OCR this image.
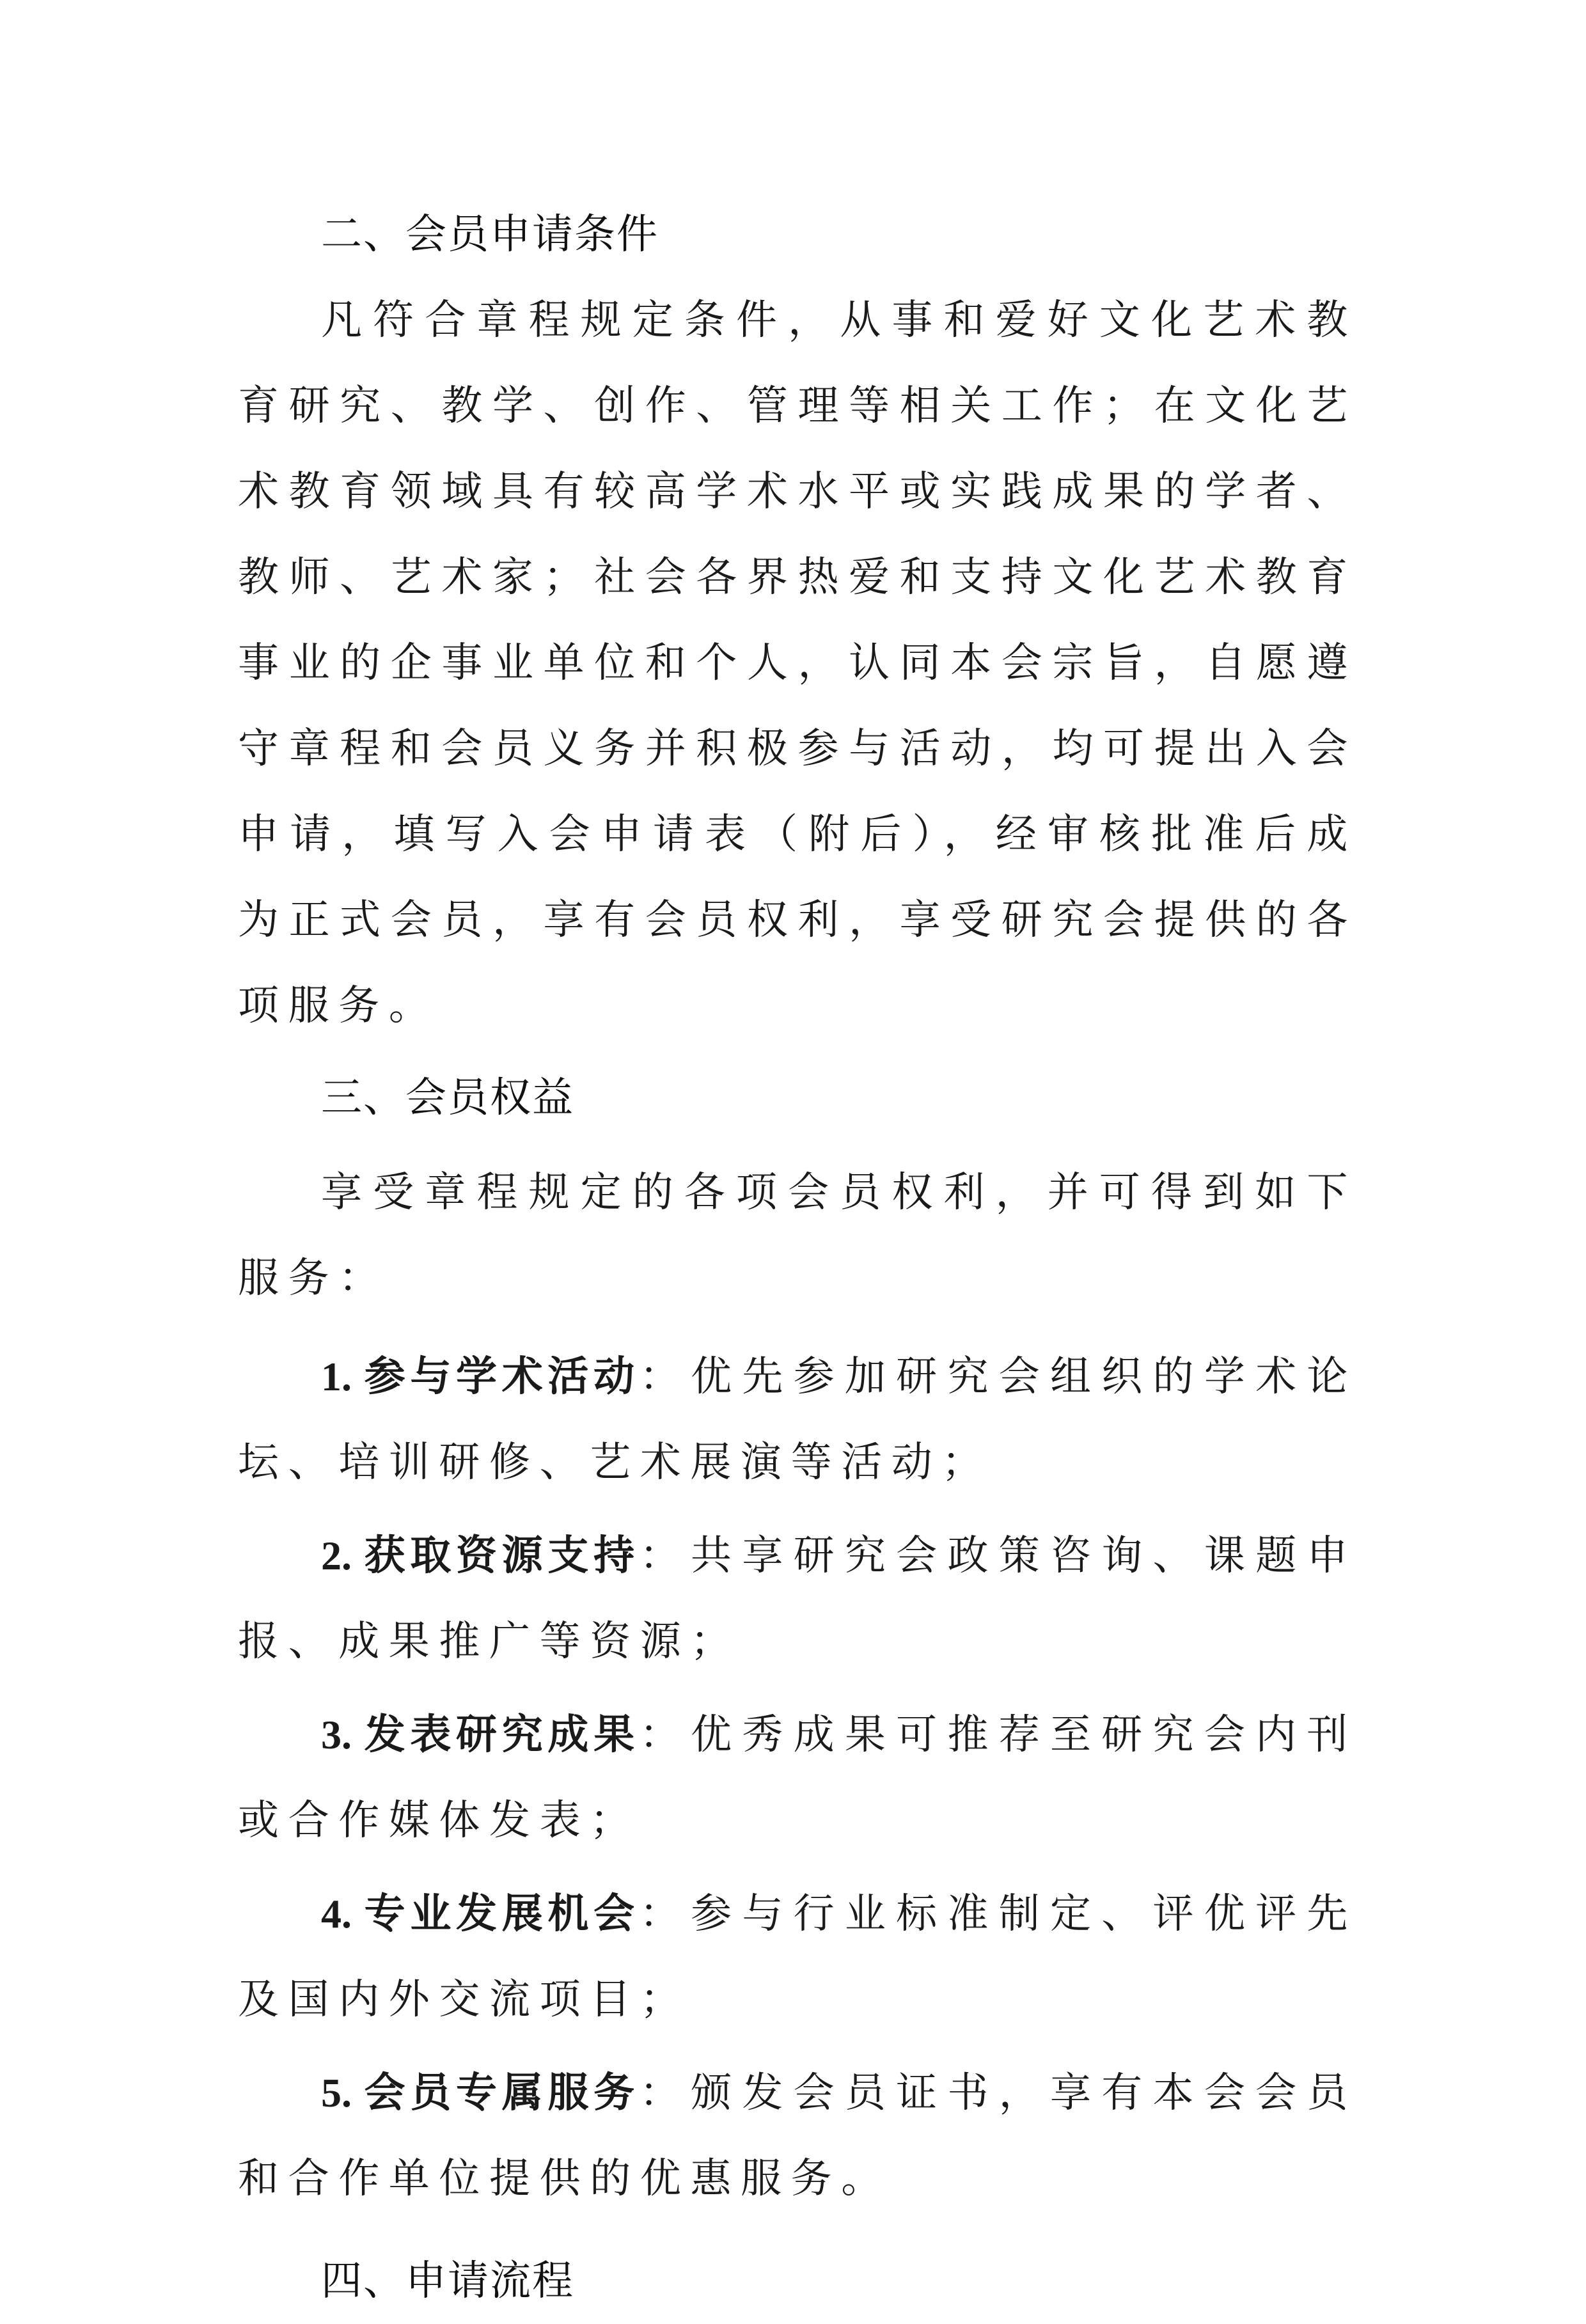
二、会员申请条件

凡符合章程规定条件，从事和爱好文化艺术教育研究、教学、创作、管理等相关工作；在文化艺术教育领域具有较高学术水平或实践成果的学者、教师、艺术家；社会各界热爱和支持文化艺术教育事业的企事业单位和个人，认同本会宗旨，自愿遵守章程和会员义务并积极参与活动，均可提出入会申请，填写入会申请表（附后），经审核批准后成为正式会员，享有会员权利，享受研究会提供的各项服务。

三、会员权益

享受章程规定的各项会员权利，并可得到如下服务：

1. 参与学术活动：优先参加研究会组织的学术论坛、培训研修、艺术展演等活动；

2. 获取资源支持：共享研究会政策咨询、课题申报、成果推广等资源；

3. 发表研究成果：优秀成果可推荐至研究会内刊或合作媒体发表；

4. 专业发展机会：参与行业标准制定、评优评先及国内外交流项目；

5. 会员专属服务：颁发会员证书，享有本会会员和合作单位提供的优惠服务。

四、申请流程
